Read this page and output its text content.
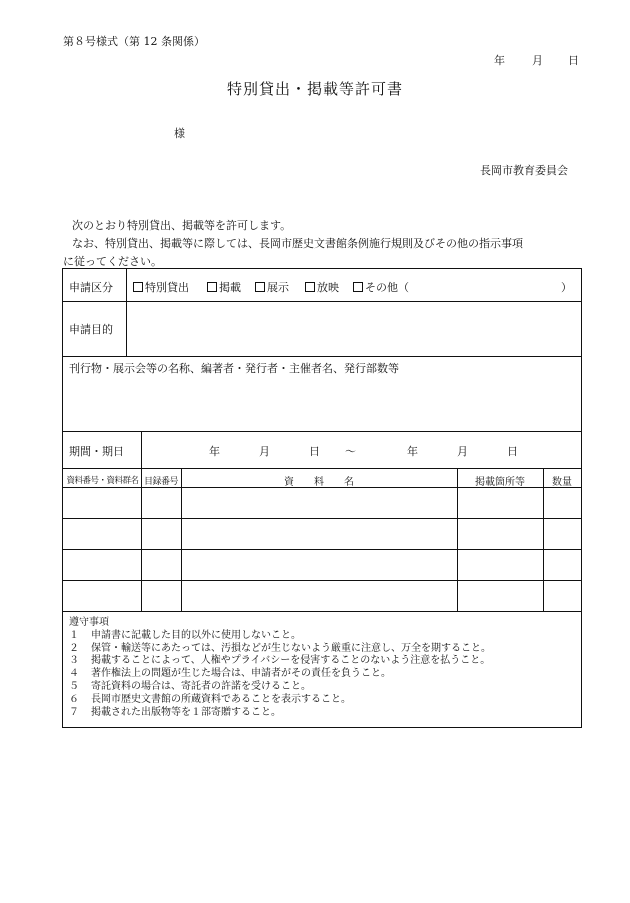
第８号様式（第 12 条関係）
年 月 日
特別貸出・掲載等許可書
様
長岡市教育委員会
次のとおり特別貸出、掲載等を許可します。
なお、特別貸出、掲載等に際しては、長岡市歴史文書館条例施行規則及びその他の指示事項
に従ってください。
申請区分	特別貸出	掲載	展示	放映	その他（	）
申請目的
刊行物・展示会等の名称、編著者・発行者・主催者名、発行部数等
期間・期日	年	月	日 ～	年	月	日
資料番号・資料群名 目録番号	資　　料　　名	掲載箇所等	数量
遵守事項
１	申請書に記載した目的以外に使用しないこと。
２	保管・輸送等にあたっては、汚損などが生じないよう厳重に注意し、万全を期すること。
３	掲載することによって、人権やプライバシーを侵害することのないよう注意を払うこと。
４	著作権法上の問題が生じた場合は、申請者がその責任を負うこと。
５	寄託資料の場合は、寄託者の許諾を受けること。
６	長岡市歴史文書館の所蔵資料であることを表示すること。
７	掲載された出版物等を１部寄贈すること。
